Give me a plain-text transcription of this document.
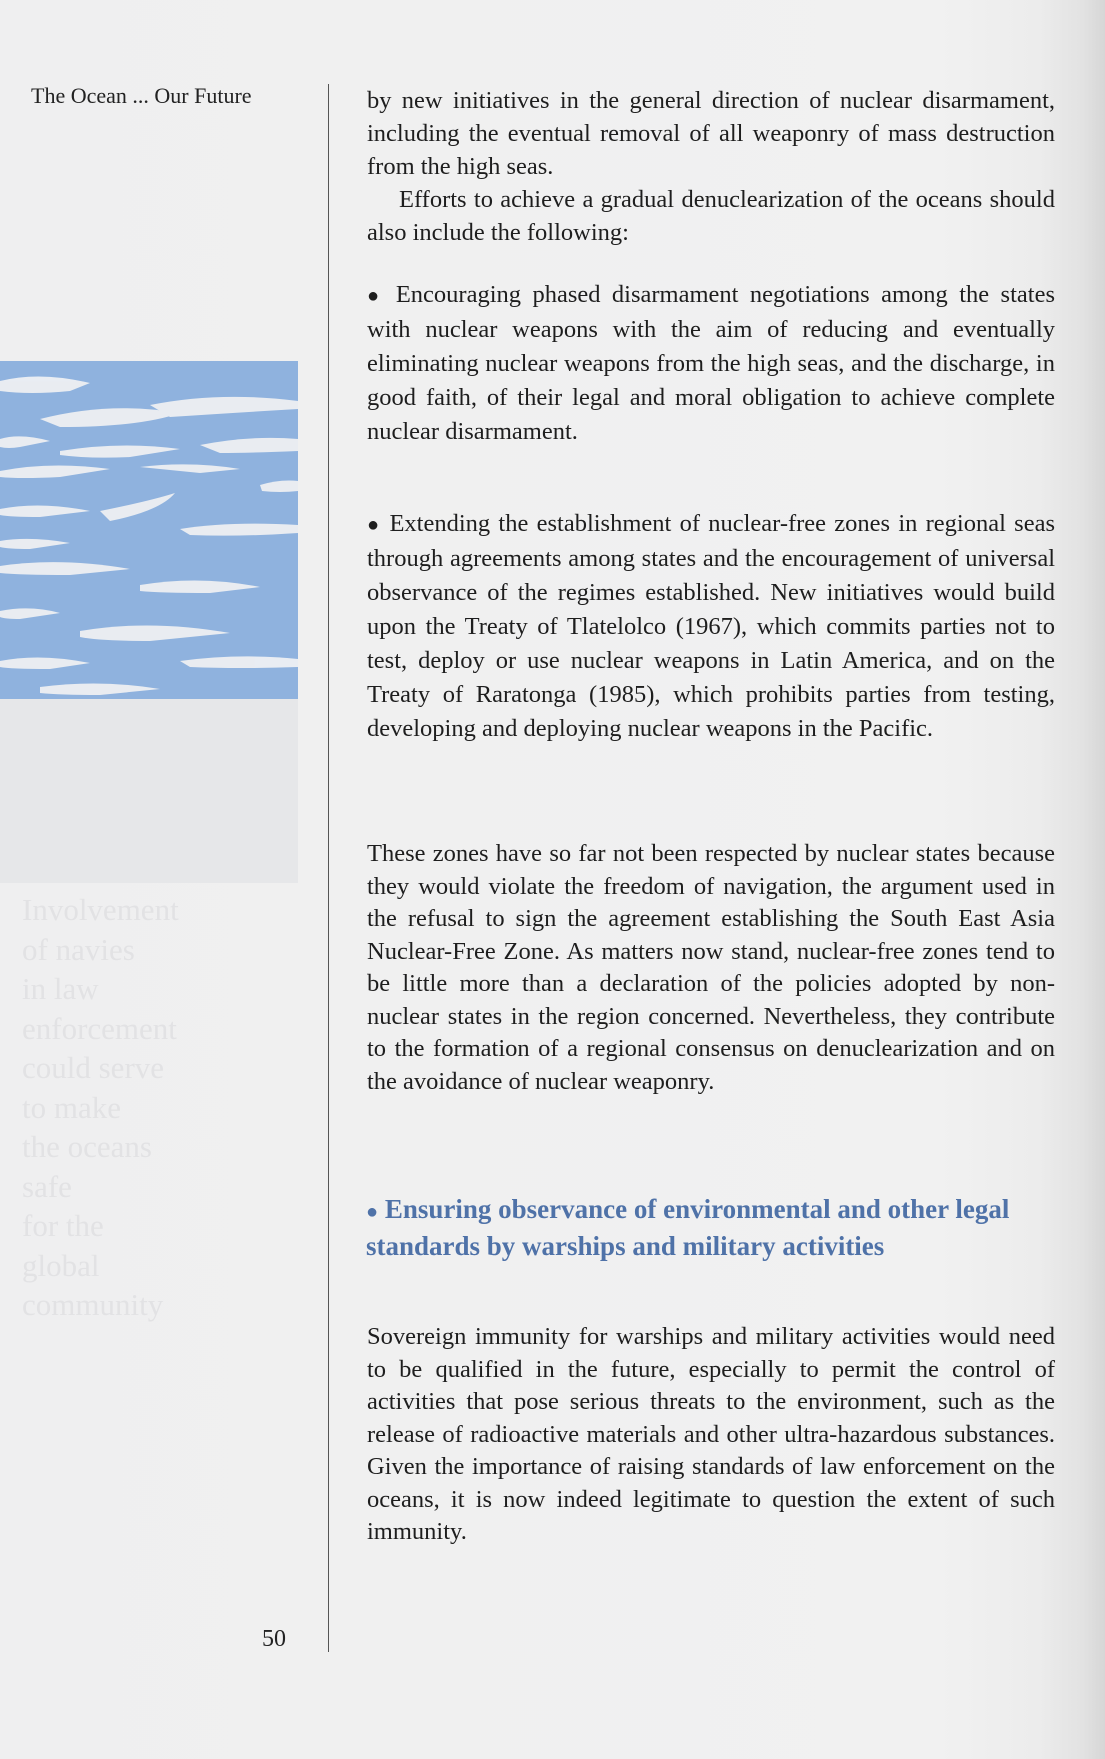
The Ocean ... Our Future
50
Involvement
of navies
in law
enforcement
could serve
to make
the oceans
safe
for the
global
community

by new initiatives in the general direction of nuclear disarmament, including the eventual removal of all weaponry of mass destruction from the high seas.

Efforts to achieve a gradual denuclearization of the oceans should also include the following:

● Encouraging phased disarmament negotiations among the states with nuclear weapons with the aim of reducing and eventually eliminating nuclear weapons from the high seas, and the discharge, in good faith, of their legal and moral obligation to achieve complete nuclear disarmament.

● Extending the establishment of nuclear-free zones in regional seas through agreements among states and the encouragement of universal observance of the regimes established. New initiatives would build upon the Treaty of Tlatelolco (1967), which commits parties not to test, deploy or use nuclear weapons in Latin America, and on the Treaty of Raratonga (1985), which prohibits parties from testing, developing and deploying nuclear weapons in the Pacific.

These zones have so far not been respected by nuclear states because they would violate the freedom of navigation, the argument used in the refusal to sign the agreement establishing the South East Asia Nuclear-Free Zone. As matters now stand, nuclear-free zones tend to be little more than a declaration of the policies adopted by non-nuclear states in the region concerned. Nevertheless, they contribute to the formation of a regional consensus on denuclearization and on the avoidance of nuclear weaponry.
● Ensuring observance of environmental and other legal standards by warships and military activities
Sovereign immunity for warships and military activities would need to be qualified in the future, especially to permit the control of activities that pose serious threats to the environment, such as the release of radioactive materials and other ultra-hazardous substances. Given the importance of raising standards of law enforcement on the oceans, it is now indeed legitimate to question the extent of such immunity.
